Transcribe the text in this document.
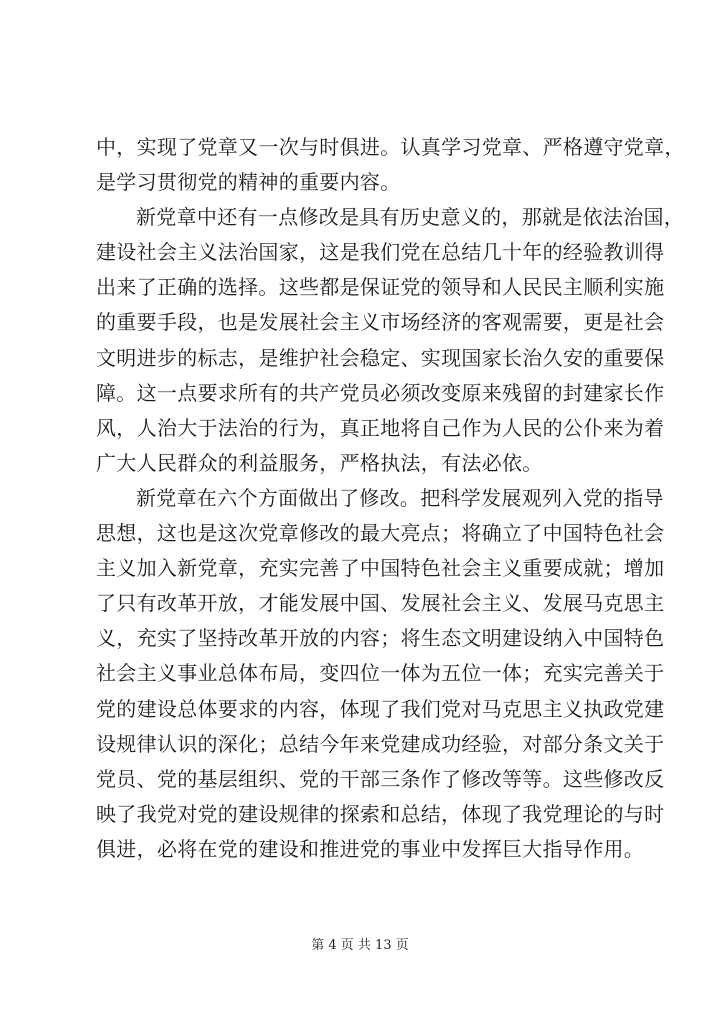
中，实现了党章又一次与时俱进。认真学习党章、严格遵守党章，
是学习贯彻党的精神的重要内容。
新党章中还有一点修改是具有历史意义的，那就是依法治国，
建设社会主义法治国家，这是我们党在总结几十年的经验教训得
出来了正确的选择。这些都是保证党的领导和人民民主顺利实施
的重要手段，也是发展社会主义市场经济的客观需要，更是社会
文明进步的标志，是维护社会稳定、实现国家长治久安的重要保
障。这一点要求所有的共产党员必须改变原来残留的封建家长作
风，人治大于法治的行为，真正地将自己作为人民的公仆来为着
广大人民群众的利益服务，严格执法，有法必依。
新党章在六个方面做出了修改。把科学发展观列入党的指导
思想，这也是这次党章修改的最大亮点；将确立了中国特色社会
主义加入新党章，充实完善了中国特色社会主义重要成就；增加
了只有改革开放，才能发展中国、发展社会主义、发展马克思主
义，充实了坚持改革开放的内容；将生态文明建设纳入中国特色
社会主义事业总体布局，变四位一体为五位一体；充实完善关于
党的建设总体要求的内容，体现了我们党对马克思主义执政党建
设规律认识的深化；总结今年来党建成功经验，对部分条文关于
党员、党的基层组织、党的干部三条作了修改等等。这些修改反
映了我党对党的建设规律的探索和总结，体现了我党理论的与时
俱进，必将在党的建设和推进党的事业中发挥巨大指导作用。
第 4 页 共 13 页
